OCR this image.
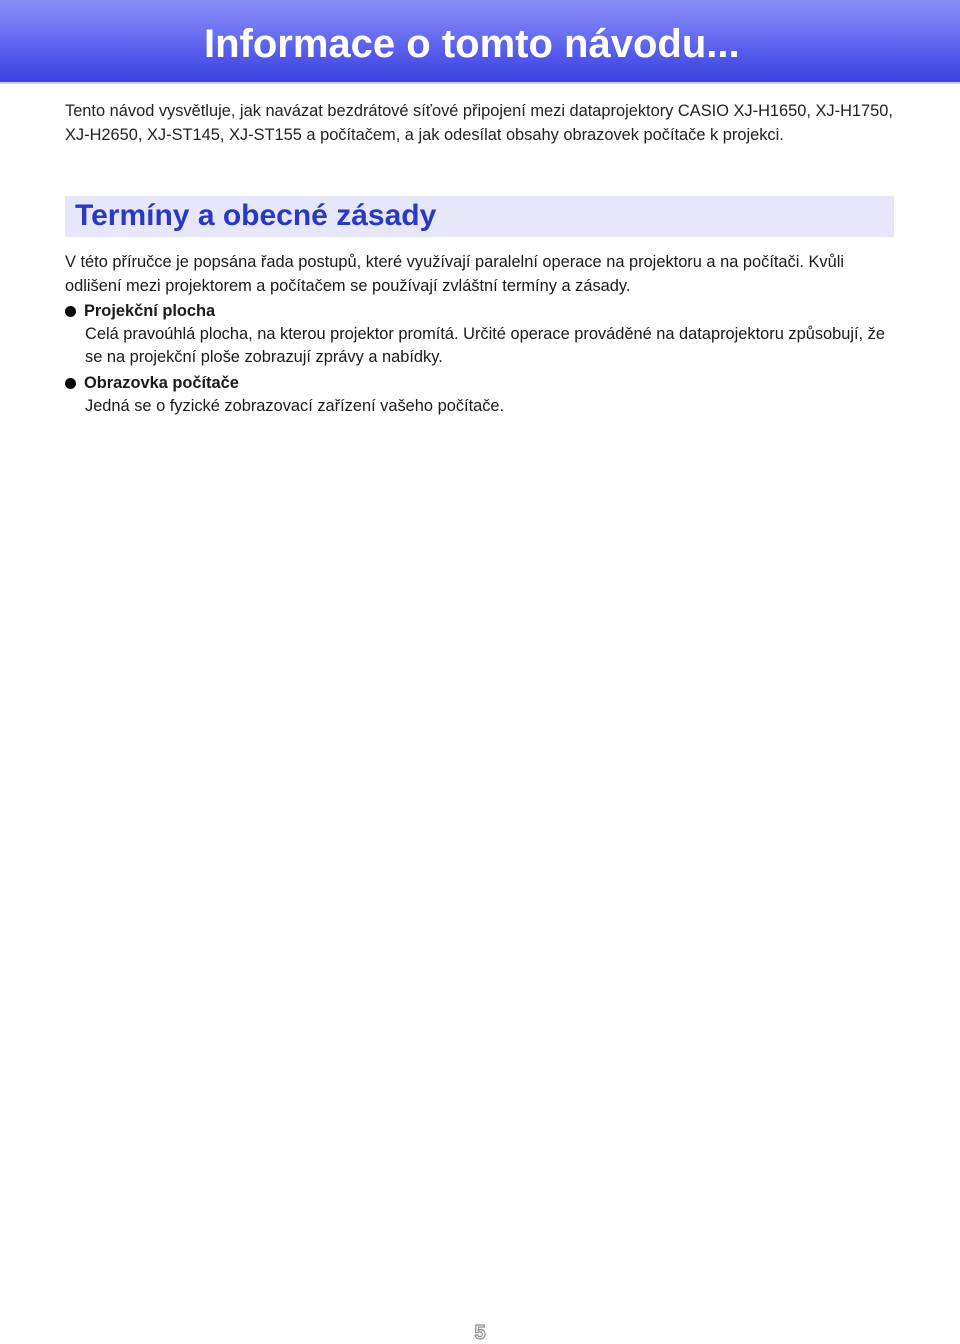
Informace o tomto návodu...

Tento návod vysvětluje, jak navázat bezdrátové síťové připojení mezi dataprojektory CASIO XJ-H1650, XJ-H1750, XJ-H2650, XJ-ST145, XJ-ST155 a počítačem, a jak odesílat obsahy obrazovek počítače k projekci.

Termíny a obecné zásady

V této příručce je popsána řada postupů, které využívají paralelní operace na projektoru a na počítači. Kvůli odlišení mezi projektorem a počítačem se používají zvláštní termíny a zásady.

Projekční plocha

Celá pravoúhlá plocha, na kterou projektor promítá. Určité operace prováděné na dataprojektoru způsobují, že se na projekční ploše zobrazují zprávy a nabídky.

Obrazovka počítače

Jedná se o fyzické zobrazovací zařízení vašeho počítače.

5
